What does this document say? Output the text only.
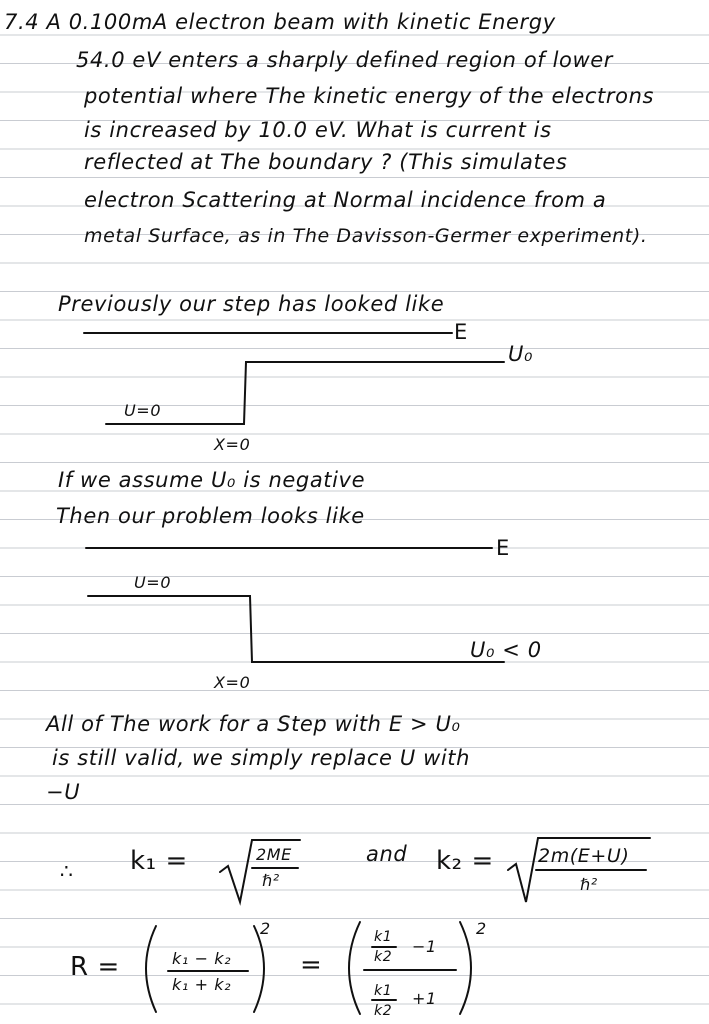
7.4 A 0.100mA electron beam with kinetic Energy
54.0 eV enters a sharply defined region of lower
potential where The kinetic energy of the electrons
is increased by 10.0 eV. What is current is
reflected at The boundary ? (This simulates
electron Scattering at Normal incidence from a
metal Surface, as in The Davisson-Germer experiment).
Previously our step has looked like
E
U₀
U=0
X=0
If we assume U₀ is negative
Then our problem looks like
E
U=0
U₀ < 0
X=0
All of The work for a Step with E > U₀
is still valid, we simply replace U with
−U
∴ k₁ =	2ME
ℏ²
and k₂ = 2m(E+U)
ℏ²
R =	k₁ − k₂
k₁ + k₂
2
=
k1
k2
−1
k1
k2
+1
2
